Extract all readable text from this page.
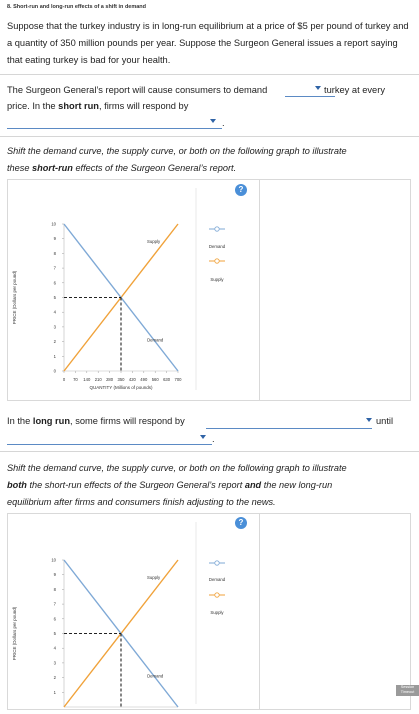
8. Short-run and long-run effects of a shift in demand
Suppose that the turkey industry is in long-run equilibrium at a price of $5 per pound of turkey and a quantity of 350 million pounds per year. Suppose the Surgeon General issues a report saying that eating turkey is bad for your health.
The Surgeon General’s report will cause consumers to demand	turkey at every
price. In the short run, firms will respond by
.
Shift the demand curve, the supply curve, or both on the following graph to illustrate
these short-run effects of the Surgeon General’s report.
PRICE (Dollars per pound)
10
9
8
7
6
5
4
3
2
1
0
0 70 140 210 280 350 420 490 560 630 700
QUANTITY (Millions of pounds)
Supply
Demand
?
Demand
Supply
In the long run, some firms will respond by	until
.
Shift the demand curve, the supply curve, or both on the following graph to illustrate
both the short-run effects of the Surgeon General’s report and the new long-run
equilibrium after firms and consumers finish adjusting to the news.
PRICE (Dollars per pound)
10
9
8
7
6
5
4
3
2
1
Supply
Demand
?
Demand
Supply
Session
Timeout
